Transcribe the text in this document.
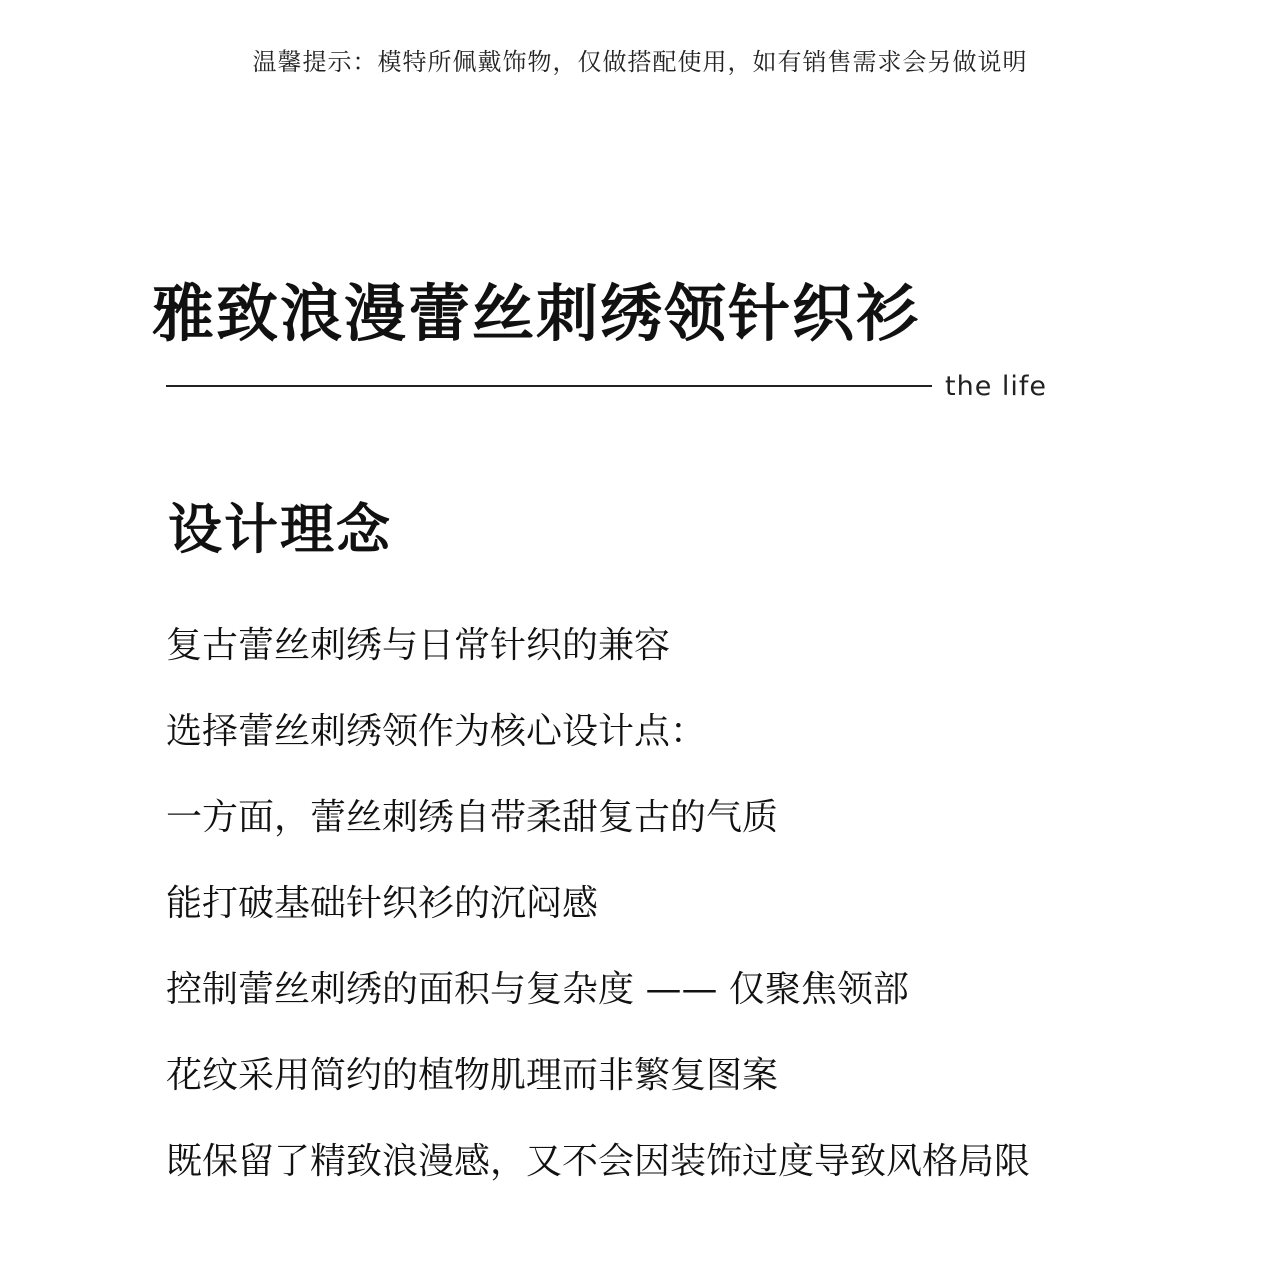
温馨提示：模特所佩戴饰物，仅做搭配使用，如有销售需求会另做说明
雅致浪漫蕾丝刺绣领针织衫
the life
设计理念
复古蕾丝刺绣与日常针织的兼容
选择蕾丝刺绣领作为核心设计点：
一方面，蕾丝刺绣自带柔甜复古的气质
能打破基础针织衫的沉闷感
控制蕾丝刺绣的面积与复杂度 —— 仅聚焦领部
花纹采用简约的植物肌理而非繁复图案
既保留了精致浪漫感，又不会因装饰过度导致风格局限
